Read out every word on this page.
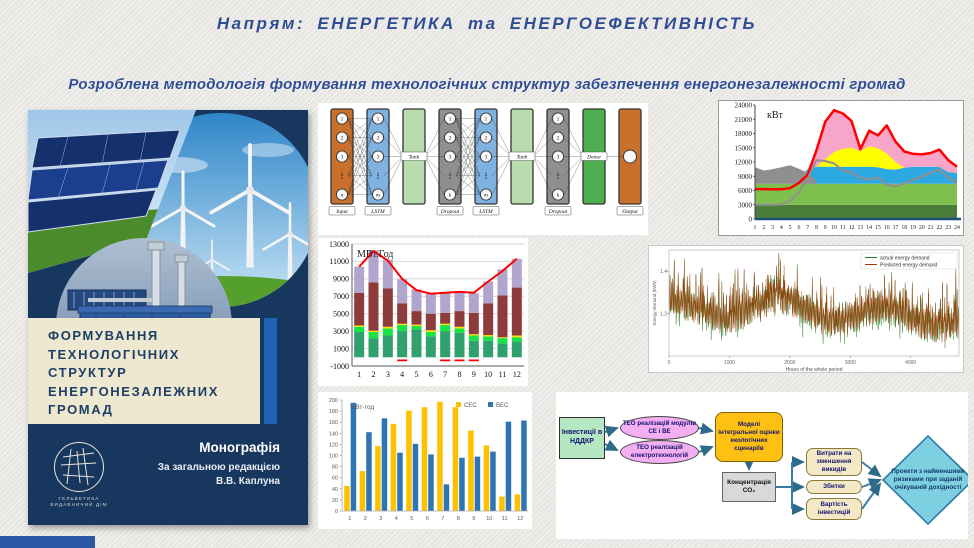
Напрям: ЕНЕРГЕТИКА та ЕНЕРГОЕФЕКТИВНІСТЬ
Розроблена методологія формування технологічних структур забезпечення енергонезалежності громад
ФОРМУВАННЯ
ТЕХНОЛОГІЧНИХ
СТРУКТУР
ЕНЕРГОНЕЗАЛЕЖНИХ
ГРОМАД
ГЕЛЬВЕТИКА
ВИДАВНИЧИЙ ДІМ
Монографія
За загальною редакцією
В.В. Каплуна
1
2
3
⋮
n
Input
1
2
3
⋮
m
LSTM
Tanh
1
2
3
⋮
k
Dropout
1
2
3
⋮
m
LSTM
Tanh
1
2
3
⋮
k
Dropout
Dense
Output
0
3000
6000
9000
12000
15000
18000
21000
24000
1 2 3 4 5 6 7 8 9 10 11 12 13 14 15 16 17 18 19 20 21 22 23 24
кВт
-1000
1000
3000
5000
7000
9000
11000
13000
1 2 3 4 5 6 7 8 9 10 11 12
МВт.Год
0	1000	2000	3000	4000
1.2
1.4
Hours of the whole period
Energy demand (kWh)
actual energy demand
Predicted energy demand
0
20
40
60
80
100
120
140
160
180
200
1 2 3 4 5 6 7 8 9 10 11 12
МВт·год	СЕС	ВЕС
Інвестиції в НДДКР
ТЕО реалізацій модулів СЕ і ВЕ
ТЕО реалізацій електротехнологій
Моделі інтегральної оцінки екологічних сценаріїв
Концентрація СО₂
Витрати на зменшення викидів
Збитки
Вартість інвестицій
Проекти з найменшими ризиками при заданій очікуваній дохідності
